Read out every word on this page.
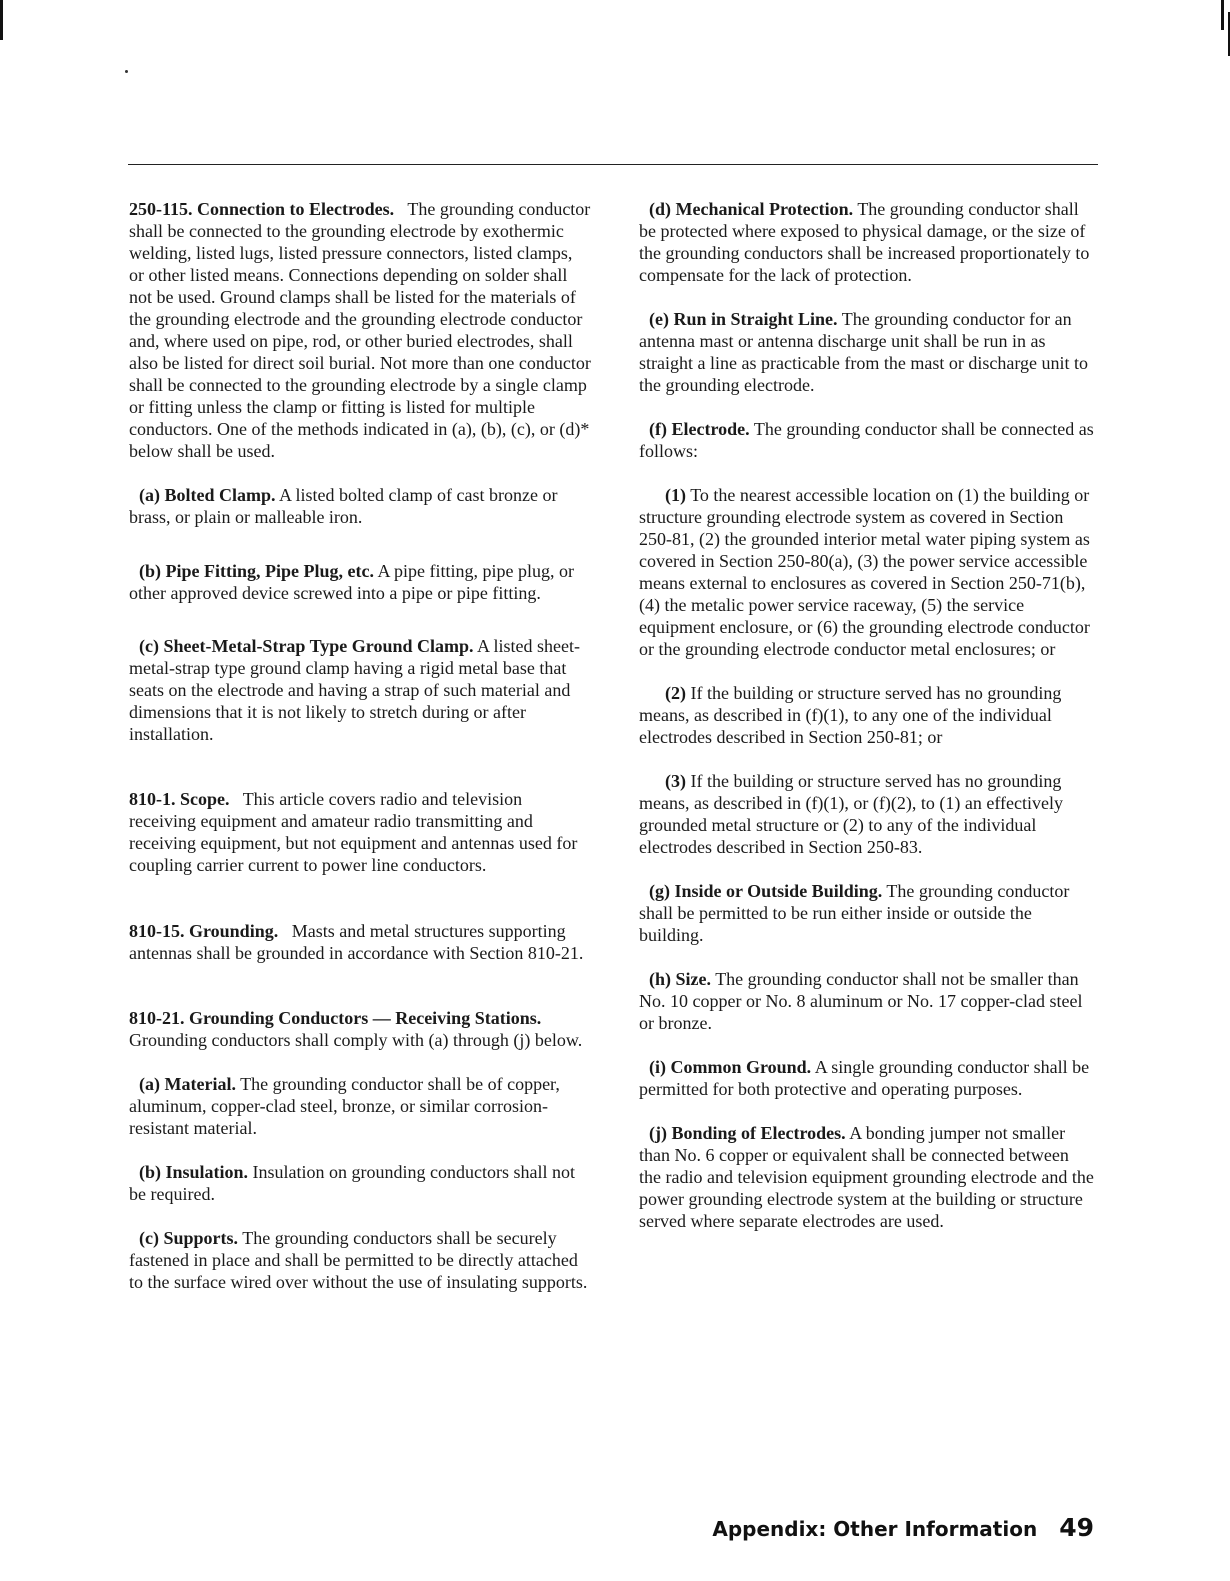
250-115. Connection to Electrodes. The grounding conductor shall be connected to the grounding electrode by exothermic welding, listed lugs, listed pressure connectors, listed clamps, or other listed means. Connections depending on solder shall not be used. Ground clamps shall be listed for the materials of the grounding electrode and the grounding electrode conductor and, where used on pipe, rod, or other buried electrodes, shall also be listed for direct soil burial. Not more than one conductor shall be connected to the grounding electrode by a single clamp or fitting unless the clamp or fitting is listed for multiple conductors. One of the methods indicated in (a), (b), (c), or (d)* below shall be used.

(a) Bolted Clamp. A listed bolted clamp of cast bronze or brass, or plain or malleable iron.

(b) Pipe Fitting, Pipe Plug, etc. A pipe fitting, pipe plug, or other approved device screwed into a pipe or pipe fitting.

(c) Sheet-Metal-Strap Type Ground Clamp. A listed sheet-metal-strap type ground clamp having a rigid metal base that seats on the electrode and having a strap of such material and dimensions that it is not likely to stretch during or after installation.

810-1. Scope. This article covers radio and television receiving equipment and amateur radio transmitting and receiving equipment, but not equipment and antennas used for coupling carrier current to power line conductors.

810-15. Grounding. Masts and metal structures supporting antennas shall be grounded in accordance with Section 810-21.

810-21. Grounding Conductors — Receiving Stations.   Grounding conductors shall comply with (a) through (j) below.

(a) Material. The grounding conductor shall be of copper, aluminum, copper-clad steel, bronze, or similar corrosion-resistant material.

(b) Insulation. Insulation on grounding conductors shall not be required.

(c) Supports. The grounding conductors shall be securely fastened in place and shall be permitted to be directly attached to the surface wired over without the use of insulating supports.

(d) Mechanical Protection. The grounding conductor shall be protected where exposed to physical damage, or the size of the grounding conductors shall be increased proportionately to compensate for the lack of protection.

(e) Run in Straight Line. The grounding conductor for an antenna mast or antenna discharge unit shall be run in as straight a line as practicable from the mast or discharge unit to the grounding electrode.

(f) Electrode. The grounding conductor shall be connected as follows:

(1) To the nearest accessible location on (1) the building or structure grounding electrode system as covered in Section 250-81, (2) the grounded interior metal water piping system as covered in Section 250-80(a), (3) the power service accessible means external to enclosures as covered in Section 250-71(b), (4) the metalic power service raceway, (5) the service equipment enclosure, or (6) the grounding electrode conductor or the grounding electrode conductor metal enclosures; or

(2) If the building or structure served has no grounding means, as described in (f)(1), to any one of the individual electrodes described in Section 250-81; or

(3) If the building or structure served has no grounding means, as described in (f)(1), or (f)(2), to (1) an effectively grounded metal structure or (2) to any of the individual electrodes described in Section 250-83.

(g) Inside or Outside Building. The grounding conductor shall be permitted to be run either inside or outside the building.

(h) Size. The grounding conductor shall not be smaller than No. 10 copper or No. 8 aluminum or No. 17 copper-clad steel or bronze.

(i) Common Ground. A single grounding conductor shall be permitted for both protective and operating purposes.

(j) Bonding of Electrodes. A bonding jumper not smaller than No. 6 copper or equivalent shall be connected between the radio and television equipment grounding electrode and the power grounding electrode system at the building or structure served where separate electrodes are used.

Appendix: Other Information 49
